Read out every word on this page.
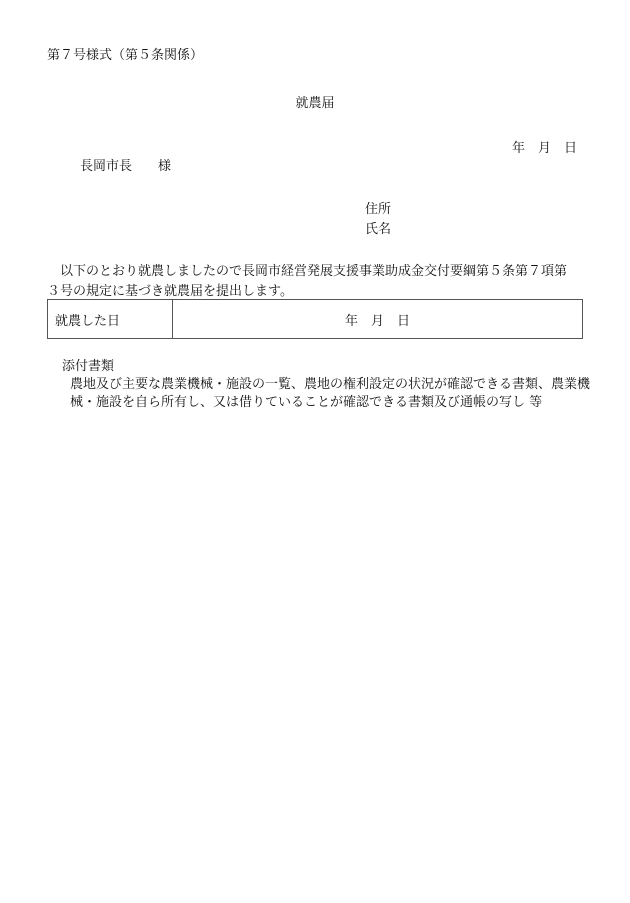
第７号様式（第５条関係）
就農届
年　月　日
長岡市長　　様
住所
氏名
以下のとおり就農しましたので長岡市経営発展支援事業助成金交付要綱第５条第７項第
３号の規定に基づき就農届を提出します。
就農した日	年　月　日
添付書類
農地及び主要な農業機械・施設の一覧、農地の権利設定の状況が確認できる書類、農業機
械・施設を自ら所有し、又は借りていることが確認できる書類及び通帳の写し 等
